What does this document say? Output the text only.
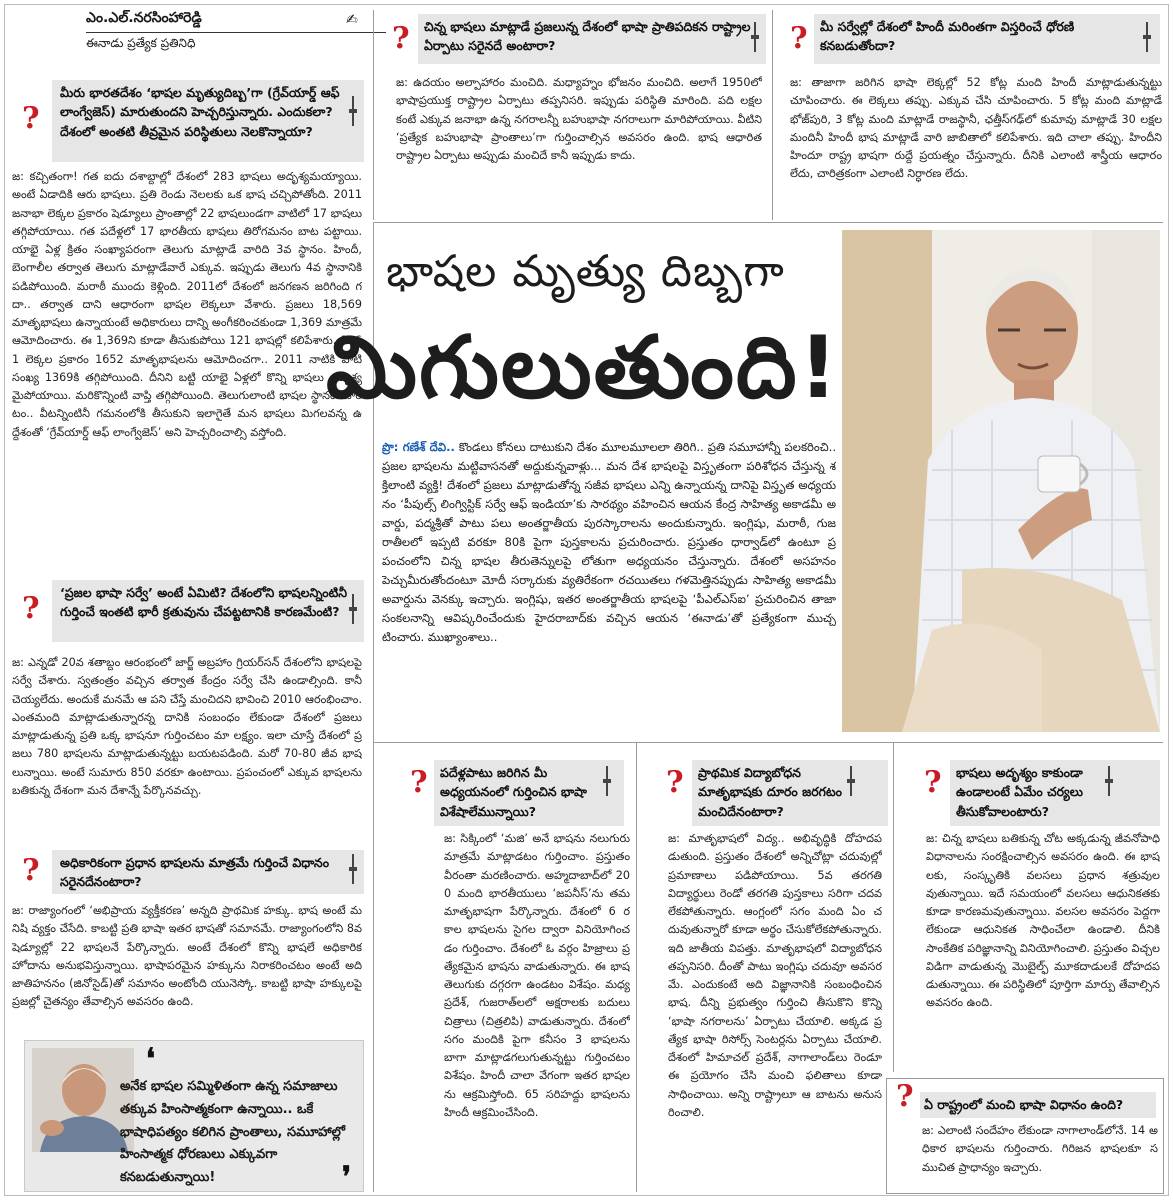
ఎం.ఎల్.నరసింహారెడ్డి
ఈనాడు ప్రత్యేక ప్రతినిధి
✍
?
మీరు భారతదేశం ‘భాషల మృత్యుదిబ్బ’గా (గ్రేవ్‌యార్డ్ ఆఫ్ లాంగ్వేజెస్) మారుతుందని హెచ్చరిస్తున్నారు. ఎందుకలా? దేశంలో అంతటి తీవ్రమైన పరిస్థితులు నెలకొన్నాయా?
జ: కచ్చితంగా! గత ఐదు దశాబ్దాల్లో దేశంలో 283 భాషలు అదృశ్యమయ్యాయి. అంటే ఏడాదికి ఆరు భాషలు. ప్రతి రెండు నెలలకు ఒక భాష చచ్చిపోతోంది. 2011 జనాభా లెక్కల ప్రకారం షెడ్యూలు ప్రాంతాల్లో 22 భాషలుండగా వాటిలో 17 భాషలు తగ్గిపోయాయి. గత పదేళ్లలో 17 భారతీయ భాషలు తిరోగమనం బాట పట్టాయి. యాభై ఏళ్ల క్రితం సంఖ్యాపరంగా తెలుగు మాట్లాడే వారిది 3వ స్థానం. హిందీ, బెంగాలీల తర్వాత తెలుగు మాట్లాడేవారే ఎక్కువ. ఇప్పుడు తెలుగు 4వ స్థానానికి పడిపోయింది. మరాఠీ ముందు కెళ్లింది. 2011లో దేశంలో జనగణన జరిగింది గదా.. తర్వాత దాని ఆధారంగా భాషల లెక్కలూ వేశారు. ప్రజలు 18,569 మాతృభాషలు ఉన్నాయంటే అధికారులు దాన్ని అంగీకరించకుండా 1,369 మాత్రమే ఆమోదించారు. ఈ 1,369ని కూడా తీసుకుపోయి 121 భాషల్లో కలిపేశారు. 1961 లెక్కల ప్రకారం 1652 మాతృభాషలను ఆమోదించగా.. 2011 నాటికి వాటి సంఖ్య 1369కి తగ్గిపోయింది. దీనిని బట్టి యాభై ఏళ్లలో కొన్ని భాషలు అదృశ్యమైపోయాయి. మరికొన్నింటి వాప్తి తగ్గిపోయింది. తెలుగులాంటి భాషల స్థానం మారటం.. వీటన్నింటినీ గమనంలోకి తీసుకుని ఇలాగైతే మన భాషలు మిగలవన్న ఉద్దేశంతో ‘గ్రేవ్‌యార్డ్ ఆఫ్ లాంగ్వేజెస్’ అని హెచ్చరించాల్సి వస్తోంది.
? ‘ప్రజల భాషా సర్వే’ అంటే ఏమిటి? దేశంలోని భాషలన్నింటినీ గుర్తించే ఇంతటి భారీ క్రతువును చేపట్టటానికి కారణమేంటి?
జ: ఎన్నడో 20వ శతాబ్దం ఆరంభంలో జార్జ్ అబ్రహాం గ్రియర్‌సన్ దేశంలోని భాషలపై సర్వే చేశారు. స్వతంత్రం వచ్చిన తర్వాత కేంద్రం సర్వే చేసి ఉండాల్సింది. కానీ చెయ్యలేదు. అందుకే మనమే ఆ పని చేస్తే మంచిదని భావించి 2010 ఆరంభించాం. ఎంతమంది మాట్లాడుతున్నారన్న దానికి సంబంధం లేకుండా దేశంలో ప్రజలు మాట్లాడుతున్న ప్రతి ఒక్క భాషనూ గుర్తించటం మా లక్ష్యం. ఇలా చూస్తే దేశంలో ప్రజలు 780 భాషలను మాట్లాడుతున్నట్టు బయటపడింది. మరో 70-80 జీవ భాషలున్నాయి. అంటే సుమారు 850 వరకూ ఉంటాయి. ప్రపంచంలో ఎక్కువ భాషలను బతికున్న దేశంగా మన దేశాన్నే పేర్కొనవచ్చు.
? అధికారికంగా ప్రధాన భాషలను మాత్రమే గుర్తించే విధానం సరైనదేనంటారా?
జ: రాజ్యాంగంలో ‘అభిప్రాయ వ్యక్తీకరణ’ అన్నది ప్రాథమిక హక్కు. భాష అంటే మనిషి వ్యక్తం చేసేది. కాబట్టి ప్రతి భాషా ఇతర భాషతో సమానమే. రాజ్యాంగంలోని 8వ షెడ్యూల్లో 22 భాషలనే పేర్కొన్నారు. అంటే దేశంలో కొన్ని భాషలే అధికారిక హోదాను అనుభవిస్తున్నాయి. భాషాపరమైన హక్కును నిరాకరించటం అంటే అది జాతిహననం (జినోసైడ్)తో సమానం అంటోంది యునెస్కో. కాబట్టి భాషా హక్కులపై ప్రజల్లో చైతన్యం తేవాల్సిన అవసరం ఉంది.
❛
అనేక భాషల సమ్మిళితంగా ఉన్న సమాజాలు తక్కువ హింసాత్మకంగా ఉన్నాయి.. ఒకే భాషాధిపత్యం కలిగిన ప్రాంతాలు, సమూహాల్లో హింసాత్మక ధోరణులు ఎక్కువగా కనబడుతున్నాయి!	❜
? చిన్న భాషలు మాట్లాడే ప్రజలున్న దేశంలో భాషా ప్రాతిపదికన రాష్ట్రాల ఏర్పాటు సరైనదే అంటారా?
జ: ఉదయం అల్పాహారం మంచిది. మధ్యాహ్నం భోజనం మంచిది. అలాగే 1950లో భాషాప్రయుక్త రాష్ట్రాల ఏర్పాటు తప్పనిసరి. ఇప్పుడు పరిస్థితి మారింది. పది లక్షల కంటే ఎక్కువ జనాభా ఉన్న నగరాలన్నీ బహుభాషా నగరాలుగా మారిపోయాయి. వీటిని ‘ప్రత్యేక బహుభాషా ప్రాంతాలు’గా గుర్తించాల్సిన అవసరం ఉంది. భాష ఆధారిత రాష్ట్రాల ఏర్పాటు అప్పుడు మంచిదే కానీ ఇప్పుడు కాదు.
? మీ సర్వేల్లో దేశంలో హిందీ మరింతగా విస్తరించే ధోరణి కనబడుతోందా?
జ: తాజాగా జరిగిన భాషా లెక్కల్లో 52 కోట్ల మంది హిందీ మాట్లాడుతున్నట్టు చూపించారు. ఈ లెక్కలు తప్పు. ఎక్కువ చేసి చూపించారు. 5 కోట్ల మంది మాట్లాడే భోజ్‌పురి, 3 కోట్ల మంది మాట్లాడే రాజస్థానీ, ఛత్తీస్‌గఢ్‌లో కుమావు మాట్లాడే 30 లక్షల మందినీ హిందీ భాష మాట్లాడే వారి జాబితాలో కలిపేశారు. ఇది చాలా తప్పు. హిందీని హిందూ రాష్ట్ర భాషగా రుద్దే ప్రయత్నం చేస్తున్నారు. దీనికి ఎలాంటి శాస్త్రీయ ఆధారం లేదు, చారిత్రకంగా ఎలాంటి నిర్ధారణ లేదు.
భాషల మృత్యు దిబ్బగా
మిగులుతుంది!
ప్రొ: గణేశ్ దేవి.. కొండలు కోనలు దాటుకుని దేశం మూలమూలలా తిరిగి.. ప్రతి సమూహాన్నీ పలకరించి.. ప్రజల భాషలను మట్టివాసనతో అద్దుకున్నవాళ్లు... మన దేశ భాషలపై విస్తృతంగా పరిశోధన చేస్తున్న శక్తిలాంటి వ్యక్తి! దేశంలో ప్రజలు మాట్లాడుతోన్న సజీవ భాషలు ఎన్ని ఉన్నాయన్న దానిపై విస్తృత అధ్యయనం ‘పీపుల్స్ లింగ్విస్టిక్ సర్వే ఆఫ్ ఇండియా’కు సారథ్యం వహించిన ఆయన కేంద్ర సాహిత్య అకాడమీ అవార్డు, పద్మశ్రీతో పాటు పలు అంతర్జాతీయ పురస్కారాలను అందుకున్నారు. ఇంగ్లిషు, మరాఠీ, గుజరాతీలలో ఇప్పటి వరకూ 80కి పైగా పుస్తకాలను ప్రచురించారు. ప్రస్తుతం ధార్వాడ్‌లో ఉంటూ ప్రపంచంలోని చిన్న భాషల తీరుతెన్నులపై లోతుగా అధ్యయనం చేస్తున్నారు. దేశంలో అసహనం పెచ్చుమీరుతోందంటూ మోదీ సర్కారుకు వ్యతిరేకంగా రచయితలు గళమెత్తినప్పుడు సాహిత్య అకాడమీ అవార్డును వెనక్కు ఇచ్చారు. ఇంగ్లిషు, ఇతర అంతర్జాతీయ భాషలపై ‘పీఎల్ఎస్ఐ’ ప్రచురించిన తాజా సంకలనాన్ని ఆవిష్కరించేందుకు హైదరాబాద్‌కు వచ్చిన ఆయన ‘ఈనాడు’తో ప్రత్యేకంగా ముచ్చటించారు. ముఖ్యాంశాలు..
? పదేళ్లపాటు జరిగిన మీ అధ్యయనంలో గుర్తించిన భాషా విశేషాలేమున్నాయి?
జ: సిక్కింలో ‘మజి’ అనే భాషను నలుగురు మాత్రమే మాట్లాడటం గుర్తించాం. ప్రస్తుతం వీరంతా మరణించారు. అహ్మదాబాద్‌లో 200 మంది భారతీయులు ‘జపనీస్’ను తమ మాతృభాషగా పేర్కొన్నారు. దేశంలో 6 రకాల భాషలను సైగల ద్వారా వినియోగించడం గుర్తించాం. దేశంలో ఓ వర్గం హిజ్రాలు ప్రత్యేకమైన భాషను వాడుతున్నారు. ఈ భాష తెలుగుకు దగ్గరగా ఉండటం విశేషం. మధ్యప్రదేశ్, గుజరాత్‌లలో అక్షరాలకు బదులు చిత్రాలు (చిత్రలిపి) వాడుతున్నారు. దేశంలో సగం మందికి పైగా కనీసం 3 భాషలను బాగా మాట్లాడగలుగుతున్నట్టు గుర్తించటం విశేషం. హిందీ చాలా వేగంగా ఇతర భాషలను ఆక్రమిస్తోంది. 65 సరిహద్దు భాషలను హిందీ ఆక్రమించేసింది.
? ప్రాథమిక విద్యాబోధన మాతృభాషకు దూరం జరగటం మంచిదేనంటారా?
జ: మాతృభాషలో విద్య.. అభివృద్ధికి దోహదపడుతుంది. ప్రస్తుతం దేశంలో అన్నిచోట్లా చదువుల్లో ప్రమాణాలు పడిపోయాయి. 5వ తరగతి విద్యార్థులు రెండో తరగతి పుస్తకాలు సరిగా చదవలేకపోతున్నారు. ఆంగ్లంలో సగం మంది ఏం చదువుతున్నారో కూడా అర్థం చేసుకోలేకపోతున్నారు. ఇది జాతీయ విపత్తు. మాతృభాషలో విద్యాబోధన తప్పనిసరి. దీంతో పాటు ఇంగ్లిషు చదువూ అవసరమే. ఎందుకంటే అది విజ్ఞానానికి సంబంధించిన భాష. దీన్ని ప్రభుత్వం గుర్తించి తీసుకొని కొన్ని ‘భాషా నగరాలను’ ఏర్పాటు చేయాలి. అక్కడ ప్రత్యేక భాషా రిసోర్స్ సెంటర్లను ఏర్పాటు చేయాలి. దేశంలో హిమాచల్ ప్రదేశ్, నాగాలాండ్‌లు రెండూ ఈ ప్రయోగం చేసి మంచి ఫలితాలు కూడా సాధించాయి. అన్ని రాష్ట్రాలూ ఆ బాటను అనుసరించాలి.
? భాషలు అదృశ్యం కాకుండా ఉండాలంటే ఏమేం చర్యలు తీసుకోవాలంటారు?
జ: చిన్న భాషలు బతికున్న చోట అక్కడున్న జీవనోపాధి విధానాలను సంరక్షించాల్సిన అవసరం ఉంది. ఈ భాషలకు, సంస్కృతికి వలసలు ప్రధాన శత్రువులవుతున్నాయి. ఇదే సమయంలో వలసలు ఆధునికతకు కూడా కారణమవుతున్నాయి. వలసల అవసరం పెద్దగా లేకుండా ఆధునికత సాధించేలా ఉండాలి. దీనికి సాంకేతిక పరిజ్ఞానాన్ని వినియోగించాలి. ప్రస్తుతం విచ్చలవిడిగా వాడుతున్న మొబైల్ఫ్ మూకదాడులకే దోహదపడుతున్నాయి. ఈ పరిస్థితిలో పూర్తిగా మార్పు తేవాల్సిన అవసరం ఉంది.
? ఏ రాష్ట్రంలో మంచి భాషా విధానం ఉంది?
జ: ఎలాంటి సందేహం లేకుండా నాగాలాండ్‌లోనే. 14 అధికార భాషలను గుర్తించారు. గిరిజన భాషలకూ సముచిత ప్రాధాన్యం ఇచ్చారు.
